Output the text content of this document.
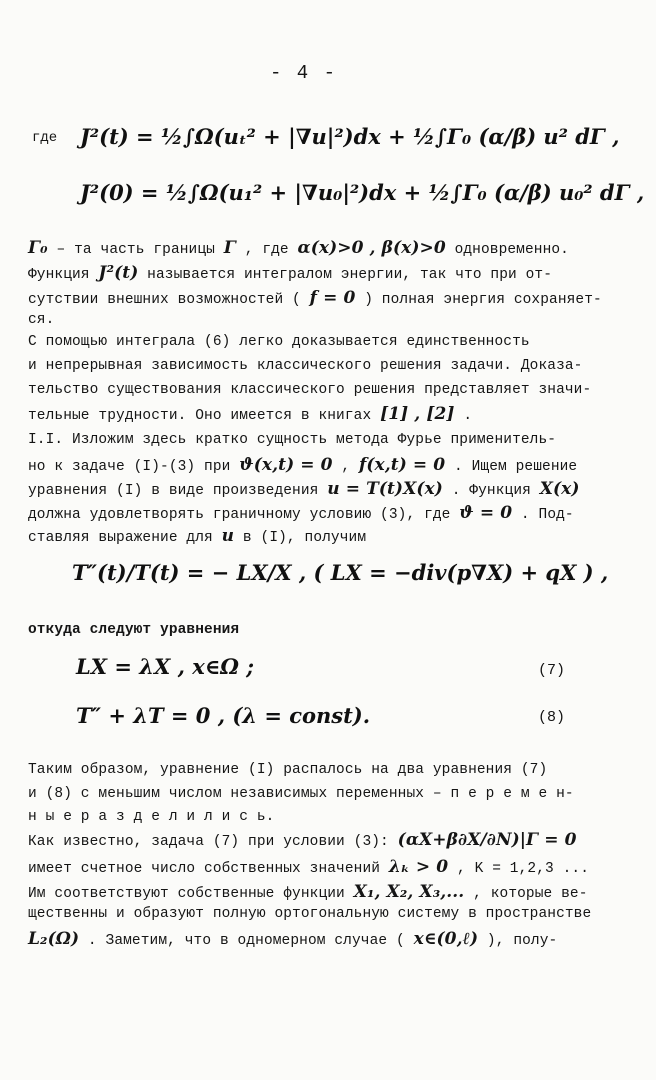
- 4 -
где J²(t) = ½∫Ω(uₜ² + |∇u|²)dx + ½∫Γ₀ (α/β) u² dΓ ,
J²(0) = ½∫Ω(u₁² + |∇u₀|²)dx + ½∫Γ₀ (α/β) u₀² dΓ ,
Γ₀ – та часть границы Γ , где α(x)>0 , β(x)>0 одновременно.
Функция J²(t) называется интегралом энергии, так что при от-
сутствии внешних возможностей ( f = 0 ) полная энергия сохраняет-
ся.
С помощью интеграла (6) легко доказывается единственность
и непрерывная зависимость классического решения задачи. Доказа-
тельство существования классического решения представляет значи-
тельные трудности. Оно имеется в книгах [1] , [2] .
I.I. Изложим здесь кратко сущность метода Фурье применитель-
но к задаче (I)-(3) при ϑ(x,t) = 0 , f(x,t) = 0 . Ищем решение
уравнения (I) в виде произведения u = T(t)X(x) . Функция X(x)
должна удовлетворять граничному условию (3), где ϑ = 0 . Под-
ставляя выражение для u в (I), получим
T″(t)/T(t) = − LX/X , ( LX = −div(p∇X) + qX ) ,
откуда следуют уравнения
LX = λX , x∈Ω ;	(7)
T″ + λT = 0 , (λ = const).	(8)
Таким образом, уравнение (I) распалось на два уравнения (7)
и (8) с меньшим числом независимых переменных – п е р е м е н-
н ы е р а з д е л и л и с ь.
Как известно, задача (7) при условии (3): (αX+β∂X/∂N)|Γ = 0
имеет счетное число собственных значений λₖ > 0 , K = 1,2,3 ...
Им соответствуют собственные функции X₁, X₂, X₃,... , которые ве-
щественны и образуют полную ортогональную систему в пространстве
L₂(Ω) . Заметим, что в одномерном случае ( x∈(0,ℓ) ), полу-
